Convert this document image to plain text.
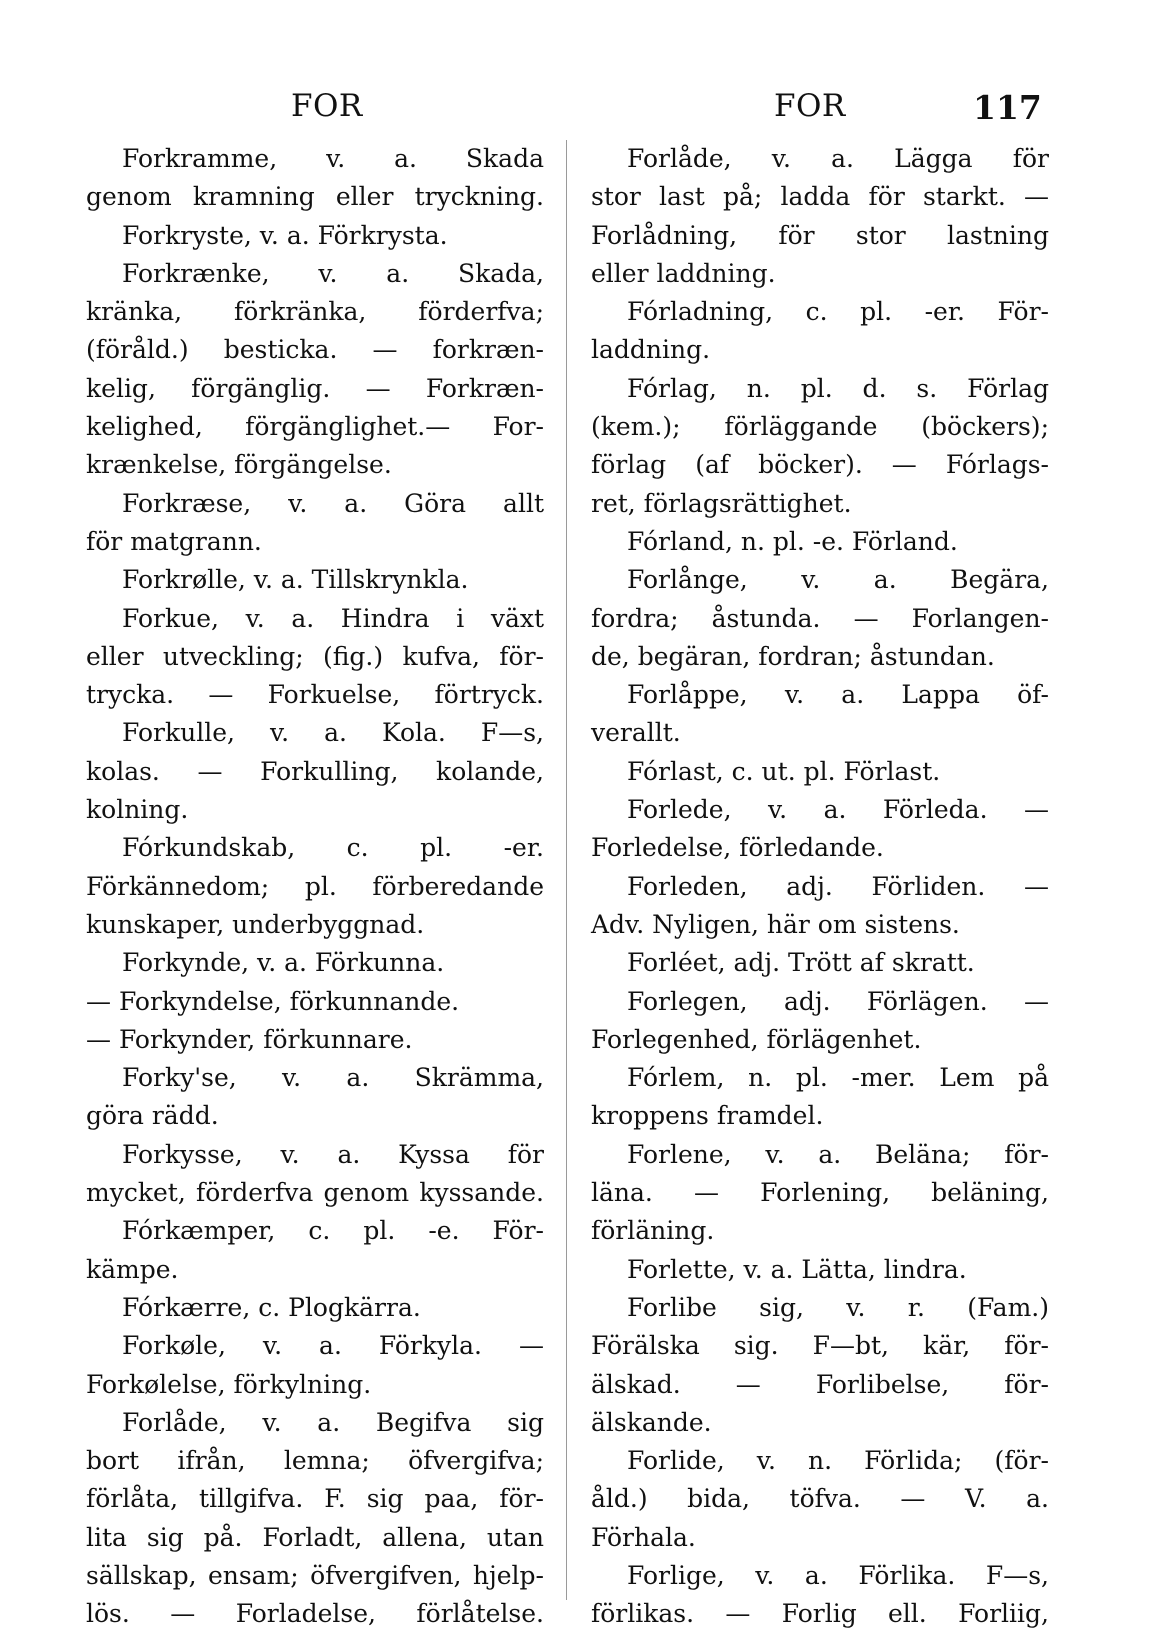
FOR	FOR	117
Forkramme, v. a. Skada
genom kramning eller tryckning.
Forkryste, v. a. Förkrysta.
Forkrænke, v. a. Skada,
kränka, förkränka, förderfva;
(föråld.) besticka. — forkræn-
kelig, förgänglig. — Forkræn-
kelighed, förgänglighet.— For-
krænkelse, förgängelse.
Forkræse, v. a. Göra allt
för matgrann.
Forkrølle, v. a. Tillskrynkla.
Forkue, v. a. Hindra i växt
eller utveckling; (fig.) kufva, för-
trycka. — Forkuelse, förtryck.
Forkulle, v. a. Kola. F—s,
kolas. — Forkulling, kolande,
kolning.
Fórkundskab, c. pl. -er.
Förkännedom; pl. förberedande
kunskaper, underbyggnad.
Forkynde, v. a. Förkunna.
— Forkyndelse, förkunnande.
— Forkynder, förkunnare.
Forky'se, v. a. Skrämma,
göra rädd.
Forkysse, v. a. Kyssa för
mycket, förderfva genom kyssande.
Fórkæmper, c. pl. -e. För-
kämpe.
Fórkærre, c. Plogkärra.
Forkøle, v. a. Förkyla. —
Forkølelse, förkylning.
Forlåde, v. a. Begifva sig
bort ifrån, lemna; öfvergifva;
förlåta, tillgifva. F. sig paa, för-
lita sig på. Forladt, allena, utan
sällskap, ensam; öfvergifven, hjelp-
lös. — Forladelse, förlåtelse.
Forlåde, v. a. Lägga för
stor last på; ladda för starkt. —
Forlådning, för stor lastning
eller laddning.
Fórladning, c. pl. -er. För-
laddning.
Fórlag, n. pl. d. s. Förlag
(kem.); förläggande (böckers);
förlag (af böcker). — Fórlags-
ret, förlagsrättighet.
Fórland, n. pl. -e. Förland.
Forlånge, v. a. Begära,
fordra; åstunda. — Forlangen-
de, begäran, fordran; åstundan.
Forlåppe, v. a. Lappa öf-
verallt.
Fórlast, c. ut. pl. Förlast.
Forlede, v. a. Förleda. —
Forledelse, förledande.
Forleden, adj. Förliden. —
Adv. Nyligen, här om sistens.
Forléet, adj. Trött af skratt.
Forlegen, adj. Förlägen. —
Forlegenhed, förlägenhet.
Fórlem, n. pl. -mer. Lem på
kroppens framdel.
Forlene, v. a. Beläna; för-
läna. — Forlening, beläning,
förläning.
Forlette, v. a. Lätta, lindra.
Forlibe sig, v. r. (Fam.)
Förälska sig. F—bt, kär, för-
älskad. — Forlibelse, för-
älskande.
Forlide, v. n. Förlida; (för-
åld.) bida, töfva. — V. a.
Förhala.
Forlige, v. a. Förlika. F—s,
förlikas. — Forlig ell. Forliig,
